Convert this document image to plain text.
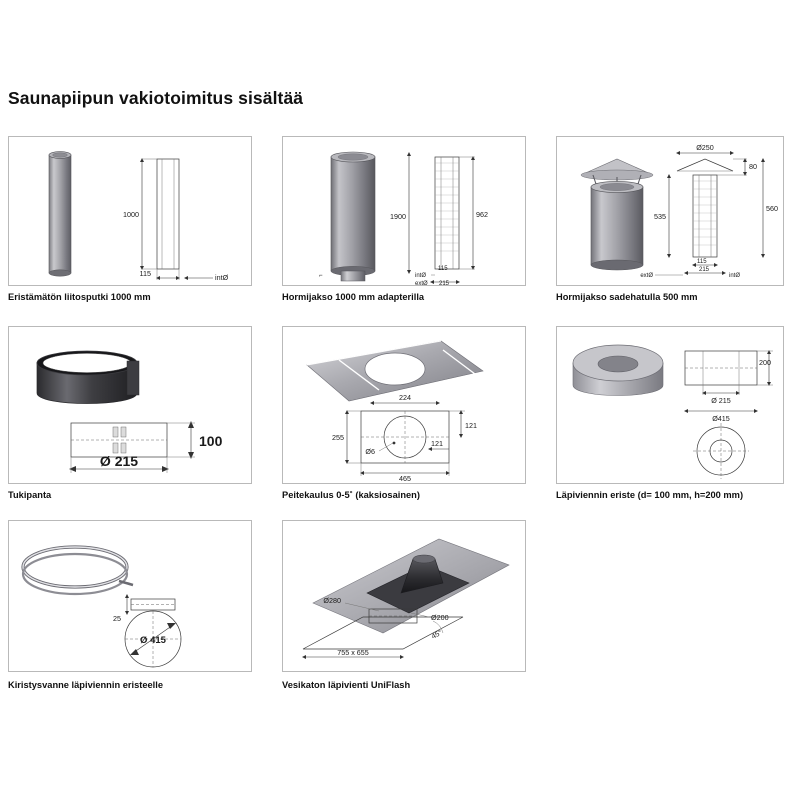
Saunapiipun vakiotoimitus sisältää
1000
115	intØ
Eristämätön liitosputki 1000 mm
1900	962
intØ
115
extØ 215
⌐
Hormijakso 1000 mm adapterilla
Ø250
80
535
560
115
215
extØ	intØ
Hormijakso sadehatulla 500 mm
Ø 215
100
Tukipanta
224
121
121
255
Ø6
465
Peitekaulus 0-5˚ (kaksiosainen)
200
Ø 215
Ø415
Läpiviennin eriste (d= 100 mm, h=200 mm)
25
Ø 415
Kiristysvanne läpiviennin eristeelle
Ø280
Ø200
45°
755 x 655
Vesikaton läpivienti UniFlash
